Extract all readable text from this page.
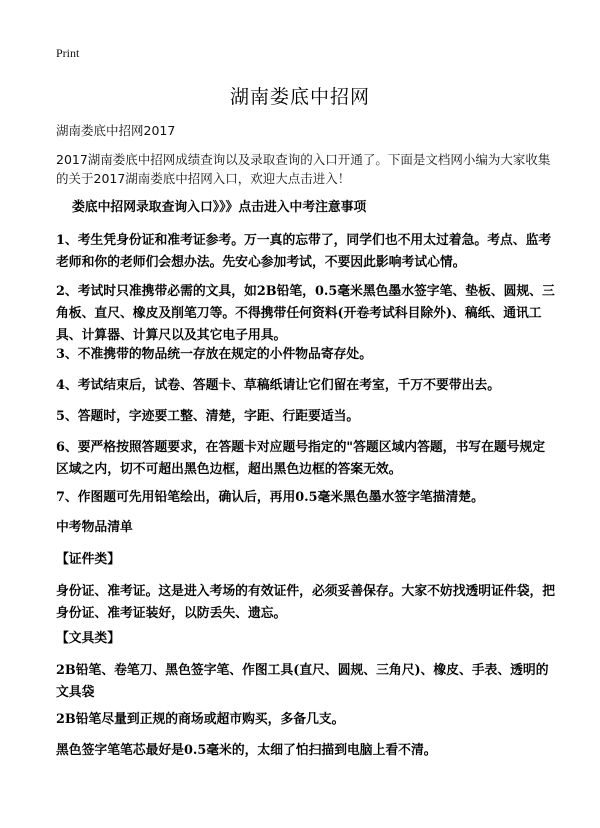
Print
湖南娄底中招网
湖南娄底中招网2017
2017湖南娄底中招网成绩查询以及录取查询的入口开通了。下面是文档网小编为大家收集的关于2017湖南娄底中招网入口，欢迎大点击进入！
娄底中招网录取查询入口》》》点击进入中考注意事项
1、考生凭身份证和准考证参考。万一真的忘带了，同学们也不用太过着急。考点、监考老师和你的老师们会想办法。先安心参加考试，不要因此影响考试心情。
2、考试时只准携带必需的文具，如2B铅笔，0.5毫米黑色墨水签字笔、垫板、圆规、三角板、直尺、橡皮及削笔刀等。不得携带任何资料(开卷考试科目除外)、稿纸、通讯工具、计算器、计算尺以及其它电子用具。
3、不准携带的物品统一存放在规定的小件物品寄存处。
4、考试结束后，试卷、答题卡、草稿纸请让它们留在考室，千万不要带出去。
5、答题时，字迹要工整、清楚，字距、行距要适当。
6、要严格按照答题要求，在答题卡对应题号指定的"答题区域内答题，书写在题号规定区域之内，切不可超出黑色边框，超出黑色边框的答案无效。
7、作图题可先用铅笔绘出，确认后，再用0.5毫米黑色墨水签字笔描清楚。
中考物品清单
【证件类】
身份证、准考证。这是进入考场的有效证件，必须妥善保存。大家不妨找透明证件袋，把身份证、准考证装好，以防丢失、遗忘。
【文具类】
2B铅笔、卷笔刀、黑色签字笔、作图工具(直尺、圆规、三角尺)、橡皮、手表、透明的文具袋
2B铅笔尽量到正规的商场或超市购买，多备几支。
黑色签字笔笔芯最好是0.5毫米的，太细了怕扫描到电脑上看不清。
